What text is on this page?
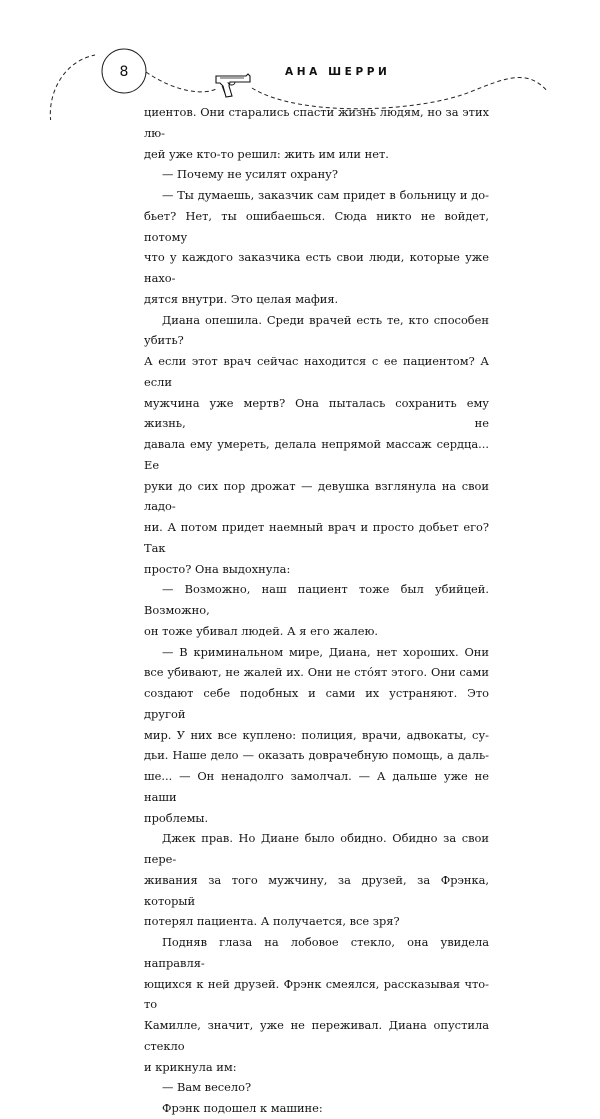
8	АНА ШЕРРИ

циентов. Они старались спасти жизнь людям, но за этих лю-

дей уже кто-то решил: жить им или нет.

— Почему не усилят охрану?

— Ты думаешь, заказчик сам придет в больницу и до-

бьет? Нет, ты ошибаешься. Сюда никто не войдет, потому

что у каждого заказчика есть свои люди, которые уже нахо-

дятся внутри. Это целая мафия.

Диана опешила. Среди врачей есть те, кто способен убить?

А если этот врач сейчас находится с ее пациентом? А если

мужчина уже мертв? Она пыталась сохранить ему жизнь, не

давала ему умереть, делала непрямой массаж сердца... Ее

руки до сих пор дрожат — девушка взглянула на свои ладо-

ни. А потом придет наемный врач и просто добьет его? Так

просто? Она выдохнула:

— Возможно, наш пациент тоже был убийцей. Возможно,

он тоже убивал людей. А я его жалею.

— В криминальном мире, Диана, нет хороших. Они

все убивают, не жалей их. Они не сто́ят этого. Они сами

создают себе подобных и сами их устраняют. Это другой

мир. У них все куплено: полиция, врачи, адвокаты, су-

дьи. Наше дело — оказать доврачебную помощь, а даль-

ше... — Он ненадолго замолчал. — А дальше уже не наши

проблемы.

Джек прав. Но Диане было обидно. Обидно за свои пере-

живания за того мужчину, за друзей, за Фрэнка, который

потерял пациента. А получается, все зря?

Подняв глаза на лобовое стекло, она увидела направля-

ющихся к ней друзей. Фрэнк смеялся, рассказывая что-то

Камилле, значит, уже не переживал. Диана опустила стекло

и крикнула им:

— Вам весело?

Фрэнк подошел к машине:
